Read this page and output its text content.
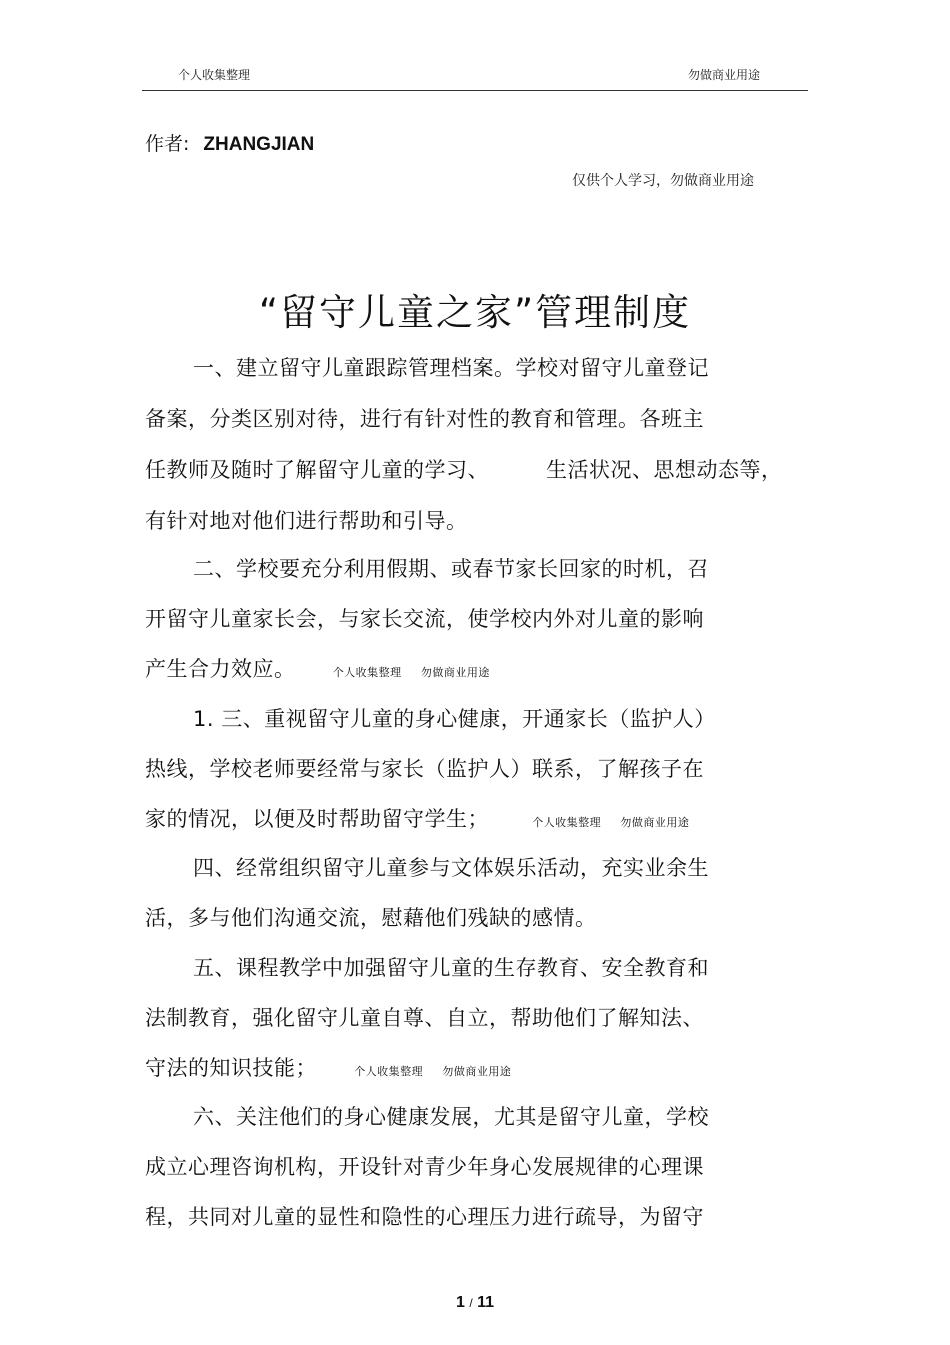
个人收集整理	勿做商业用途
作者: ZHANGJIAN
仅供个人学习，勿做商业用途
“留守儿童之家”管理制度
一、建立留守儿童跟踪管理档案。学校对留守儿童登记
备案，分类区别对待，进行有针对性的教育和管理。各班主
任教师及随时了解留守儿童的学习、	生活状况、思想动态等，
有针对地对他们进行帮助和引导。
二、学校要充分利用假期、或春节家长回家的时机，召
开留守儿童家长会，与家长交流，使学校内外对儿童的影响
产生合力效应。	个人收集整理 勿做商业用途
1. 三、重视留守儿童的身心健康，开通家长（监护人）
热线，学校老师要经常与家长（监护人）联系，了解孩子在
家的情况，以便及时帮助留守学生；	个人收集整理 勿做商业用途
四、经常组织留守儿童参与文体娱乐活动，充实业余生
活，多与他们沟通交流，慰藉他们残缺的感情。
五、课程教学中加强留守儿童的生存教育、安全教育和
法制教育，强化留守儿童自尊、自立，帮助他们了解知法、
守法的知识技能；	个人收集整理 勿做商业用途
六、关注他们的身心健康发展，尤其是留守儿童，学校
成立心理咨询机构，开设针对青少年身心发展规律的心理课
程，共同对儿童的显性和隐性的心理压力进行疏导，为留守
1 / 11
